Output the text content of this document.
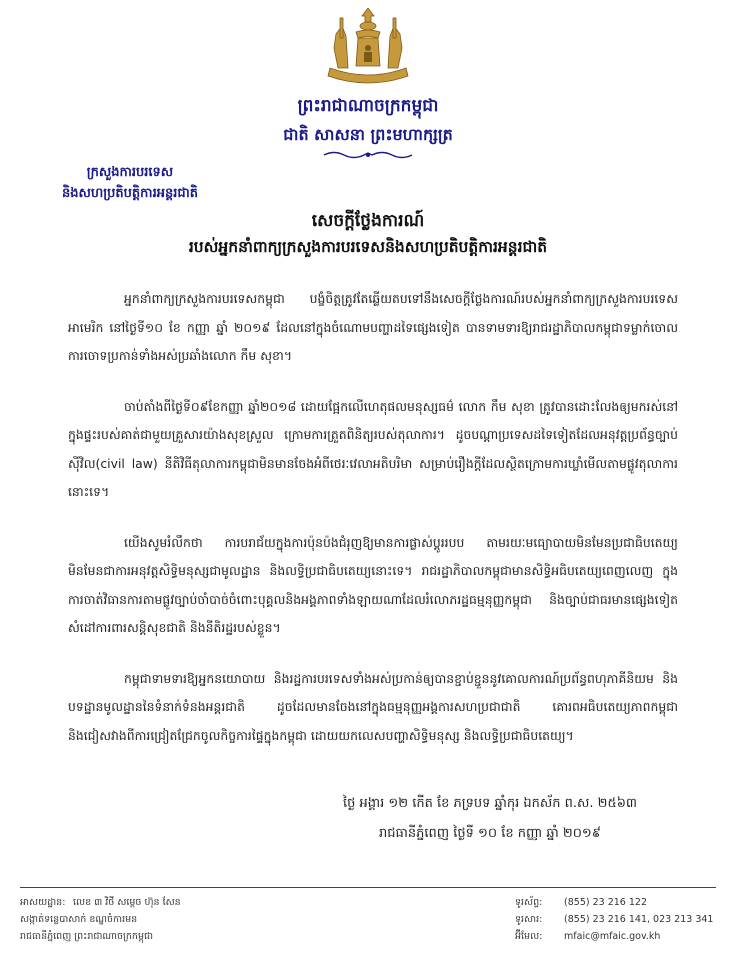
ព្រះរាជាណាចក្រកម្ពុជា
ជាតិ សាសនា ព្រះមហាក្សត្រ
ក្រសួងការបរទេស
និងសហប្រតិបត្តិការអន្តរជាតិ
សេចក្តីថ្លែងការណ៍
របស់អ្នកនាំពាក្យក្រសួងការបរទេសនិងសហប្រតិបត្តិការអន្តរជាតិ

អ្នកនាំពាក្យក្រសួងការបរទេសកម្ពុជា បង្ខំចិត្តត្រូវតែឆ្លើយតបទៅនឹងសេចក្តីថ្លែងការណ៍របស់អ្នកនាំពាក្យក្រសួងការបរទេសអាមេរិក នៅថ្ងៃទី១០ ខែ កញ្ញា ឆ្នាំ ២០១៩ ដែលនៅក្នុងចំណោមបញ្ហាដទៃផ្សេងទៀត បានទាមទារឱ្យរាជរដ្ឋាភិបាលកម្ពុជាទម្លាក់ចោលការចោទប្រកាន់ទាំងអស់ប្រឆាំងលោក កឹម សុខា។

ចាប់តាំងពីថ្ងៃទី០៩ខែកញ្ញា ឆ្នាំ២០១៨ ដោយផ្អែកលើហេតុផលមនុស្សធម៌ លោក កឹម សុខា ត្រូវបានដោះលែងឲ្យមករស់នៅក្នុងផ្ទះរបស់គាត់ជាមួយគ្រួសារយ៉ាងសុខស្រួល ក្រោមការត្រួតពិនិត្យរបស់តុលាការ។ ដូចបណ្តាប្រទេសដទៃទៀតដែលអនុវត្តប្រព័ន្ធច្បាប់ស៊ីវិល(civil law) នីតិវិធីតុលាការកម្ពុជាមិនមានចែងអំពីថេរៈវេលាអតិបរិមា សម្រាប់រឿងក្តីដែលស្ថិតក្រោមការឃ្លាំមើលតាមផ្លូវតុលាការនោះទេ។

យើងសូមរំលឹកថា ការបរាជ័យក្នុងការប៉ុនប៉ងជំរុញឱ្យមានការផ្លាស់ប្តូររបប តាមរយៈមធ្យោបាយមិនមែនប្រជាធិបតេយ្យ មិនមែនជាការអនុវត្តសិទ្ធិមនុស្សជាមូលដ្ឋាន និងលទ្ធិប្រជាធិបតេយ្យនោះទេ។ រាជរដ្ឋាភិបាលកម្ពុជាមានសិទ្ធិអធិបតេយ្យពេញលេញ ក្នុងការចាត់វិធានការតាមផ្លូវច្បាប់ចាំបាច់ចំពោះបុគ្គលនិងអង្គភាពទាំងឡាយណាដែលរំលោភរដ្ឋធម្មនុញ្ញកម្ពុជា និងច្បាប់ជាធរមានផ្សេងទៀតសំដៅការពារសន្តិសុខជាតិ និងនីតិរដ្ឋរបស់ខ្លួន។

កម្ពុជាទាមទារឱ្យអ្នកនយោបាយ និងរដ្ឋការបរទេសទាំងអស់ប្រកាន់ឲ្យបានខ្ជាប់ខ្ជួននូវគោលការណ៍ប្រព័ន្ធពហុភាគីនិយម និងបទដ្ឋានមូលដ្ឋាននៃទំនាក់ទំនងអន្តរជាតិ ដូចដែលមានចែងនៅក្នុងធម្មនុញ្ញអង្គការសហប្រជាជាតិ គោរពអធិបតេយ្យភាពកម្ពុជា និងជៀសវាងពីការជ្រៀតជ្រែកចូលកិច្ចការផ្ទៃក្នុងកម្ពុជា ដោយយកលេសបញ្ហាសិទ្ធិមនុស្ស និងលទ្ធិប្រជាធិបតេយ្យ។

ថ្ងៃ អង្គារ ១២ កើត ខែ ភទ្របទ ឆ្នាំកុរ ឯកស័ក ព.ស. ២៥៦៣
រាជធានីភ្នំពេញ ថ្ងៃទី ១០ ខែ កញ្ញា ឆ្នាំ ២០១៩
អាសយដ្ឋាន: លេខ ៣ វិថី សម្តេច ហ៊ុន សែន
សង្កាត់ទន្លេបាសាក់ ខណ្ឌចំការមន
រាជធានីភ្នំពេញ ព្រះរាជាណាចក្រកម្ពុជា
ទូរស័ព្ទ: (855) 23 216 122
ទូរសារ: (855) 23 216 141, 023 213 341
អ៊ីមែល: mfaic@mfaic.gov.kh
